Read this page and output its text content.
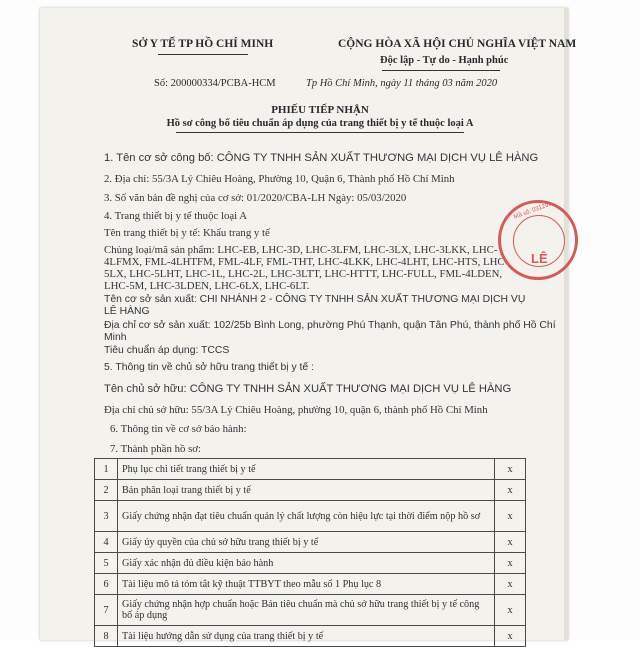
SỞ Y TẾ TP HỒ CHÍ MINH	CỘNG HÒA XÃ HỘI CHỦ NGHĨA VIỆT NAM
Độc lập - Tự do - Hạnh phúc
Số: 200000334/PCBA-HCM	Tp Hồ Chí Minh, ngày 11 tháng 03 năm 2020
PHIẾU TIẾP NHẬN
Hồ sơ công bố tiêu chuẩn áp dụng của trang thiết bị y tế thuộc loại A
1. Tên cơ sở công bố: CÔNG TY TNHH SẢN XUẤT THƯƠNG MẠI DỊCH VỤ LÊ HÀNG
2. Địa chỉ: 55/3A Lý Chiêu Hoàng, Phường 10, Quận 6, Thành phố Hồ Chí Minh
3. Số văn bản đề nghị của cơ sở: 01/2020/CBA-LH Ngày: 05/03/2020
4. Trang thiết bị y tế thuộc loại A
Tên trang thiết bị y tế: Khẩu trang y tế
Chủng loại/mã sản phẩm: LHC-EB, LHC-3D, LHC-3LFM, LHC-3LX, LHC-3LKK, LHC-
4LFMX, FML-4LHTFM, FML-4LF, FML-THT, LHC-4LKK, LHC-4LHT, LHC-HTS, LHC-
5LX, LHC-5LHT, LHC-1L, LHC-2L, LHC-3LTT, LHC-HTTT, LHC-FULL, FML-4LDEN,
LHC-5M, LHC-3LDEN, LHC-6LX, LHC-6LT.
Tên cơ sở sản xuất: CHI NHÁNH 2 - CÔNG TY TNHH SẢN XUẤT THƯƠNG MẠI DỊCH VỤ
LÊ HÀNG
Địa chỉ cơ sở sản xuất: 102/25b Bình Long, phường Phú Thạnh, quận Tân Phú, thành phố Hồ Chí
Minh
Tiêu chuẩn áp dụng: TCCS
5. Thông tin về chủ sở hữu trang thiết bị y tế :
Tên chủ sở hữu: CÔNG TY TNHH SẢN XUẤT THƯƠNG MẠI DỊCH VỤ LÊ HÀNG
Địa chỉ chủ sở hữu: 55/3A Lý Chiêu Hoàng, phường 10, quận 6, thành phố Hồ Chí Minh
6. Thông tin về cơ sở bảo hành:
7. Thành phần hồ sơ:
1	Phụ lục chi tiết trang thiết bị y tế	x
2	Bản phân loại trang thiết bị y tế	x
3	Giấy chứng nhận đạt tiêu chuẩn quản lý chất lượng còn hiệu lực tại thời điểm nộp hồ sơ	x
4	Giấy ủy quyền của chủ sở hữu trang thiết bị y tế	x
5	Giấy xác nhận đủ điều kiện bảo hành	x
6	Tài liệu mô tả tóm tắt kỹ thuật TTBYT theo mẫu số 1 Phụ lục 8	x
7	Giấy chứng nhận hợp chuẩn hoặc Bản tiêu chuẩn mà chủ sở hữu trang thiết bị y tế công bố áp dụng	x
8	Tài liệu hướng dẫn sử dụng của trang thiết bị y tế	x
LÊ
Mã số: 031293
